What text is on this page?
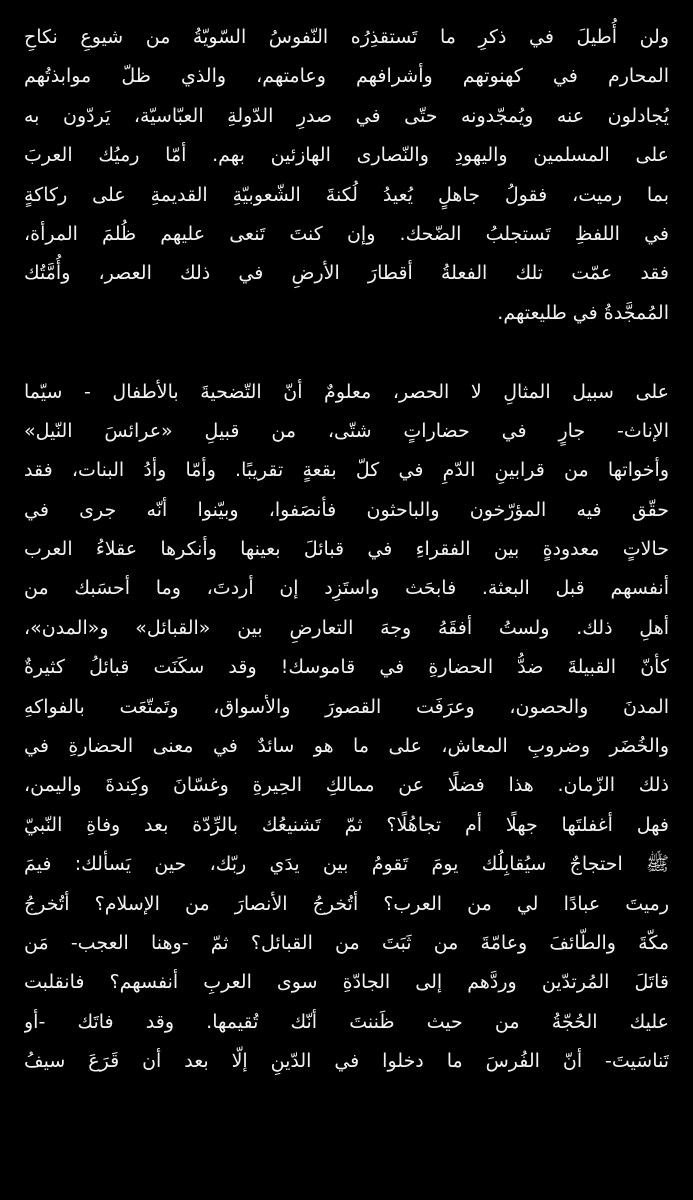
ولن أُطيلَ في ذكرِ ما تَستقذِرُه النّفوسُ السّويّةُ من شيوعِ نكاحِ
المحارم في كهنوتهم وأشرافهم وعامتهم، والذي ظلّ موابذتُهم
يُجادلون عنه ويُمجّدونه حتّى في صدرِ الدّولةِ العبّاسيّة، يَردّون به
على المسلمين واليهودِ والنّصارى الهازئين بهم. أمّا رميُك العربَ
بما رميت، فقولُ جاهلٍ يُعيدُ لُكنةَ الشّعوبيّةِ القديمةِ على ركاكةٍ
في اللفظِ تَستجلبُ الضّحك. وإن كنتَ تَنعى عليهم ظُلمَ المرأة،
فقد عمّت تلك الفعلةُ أقطارَ الأرضِ في ذلك العصر، وأُمَّتُك
المُمجَّدةُ في طليعتهم.
على سبيل المثالِ لا الحصر، معلومٌ أنّ التّضحيةَ بالأطفال - سيّما
الإناث- جارٍ في حضاراتٍ شتّى، من قبيلِ «عرائسَ النّيل»
وأخواتها من قرابينِ الدّمِ في كلّ بقعةٍ تقريبًا. وأمّا وأدُ البنات، فقد
حقّق فيه المؤرّخون والباحثون فأنصَفوا، وبيّنوا أنّه جرى في
حالاتٍ معدودةٍ بين الفقراءِ في قبائلَ بعينها وأنكرها عقلاءُ العرب
أنفسهم قبل البعثة. فابحَث واستَزِد إن أردتَ، وما أحسَبك من
أهلِ ذلك. ولستُ أفقَهُ وجهَ التعارضِ بين «القبائل» و«المدن»،
كأنّ القبيلةَ ضدُّ الحضارةِ في قاموسك! وقد سكَنَت قبائلُ كثيرةٌ
المدنَ والحصون، وعرَفَت القصورَ والأسواق، وتَمتّعَت بالفواكهِ
والخُضَر وضروبِ المعاش، على ما هو سائدٌ في معنى الحضارةِ في
ذلك الزّمان. هذا فضلًا عن ممالكِ الحِيرةِ وغسّانَ وكِندةَ واليمن،
فهل أغفلتَها جهلًا أم تجاهُلًا؟ ثمّ تَشنيعُك بالرِّدّة بعد وفاةِ النّبيّ
ﷺ احتجاجٌ سيُقابِلُك يومَ تَقومُ بين يدَي ربّك، حين يَسألك: فيمَ
رميتَ عبادًا لي من العرب؟ أتُخرجُ الأنصارَ من الإسلام؟ أتُخرجُ
مكّةَ والطّائفَ وعامّةَ من ثَبَتَ من القبائل؟ ثمّ -وهنا العجب- مَن
قاتَلَ المُرتدّين وردَّهم إلى الجادّةِ سوى العربِ أنفسهم؟ فانقلبت
عليك الحُجّةُ من حيث ظَننتَ أنّك تُقيمها. وقد فاتَك -أو
تَناسَيتَ- أنّ الفُرسَ ما دخلوا في الدّينِ إلّا بعد أن قَرَعَ سيفُ
